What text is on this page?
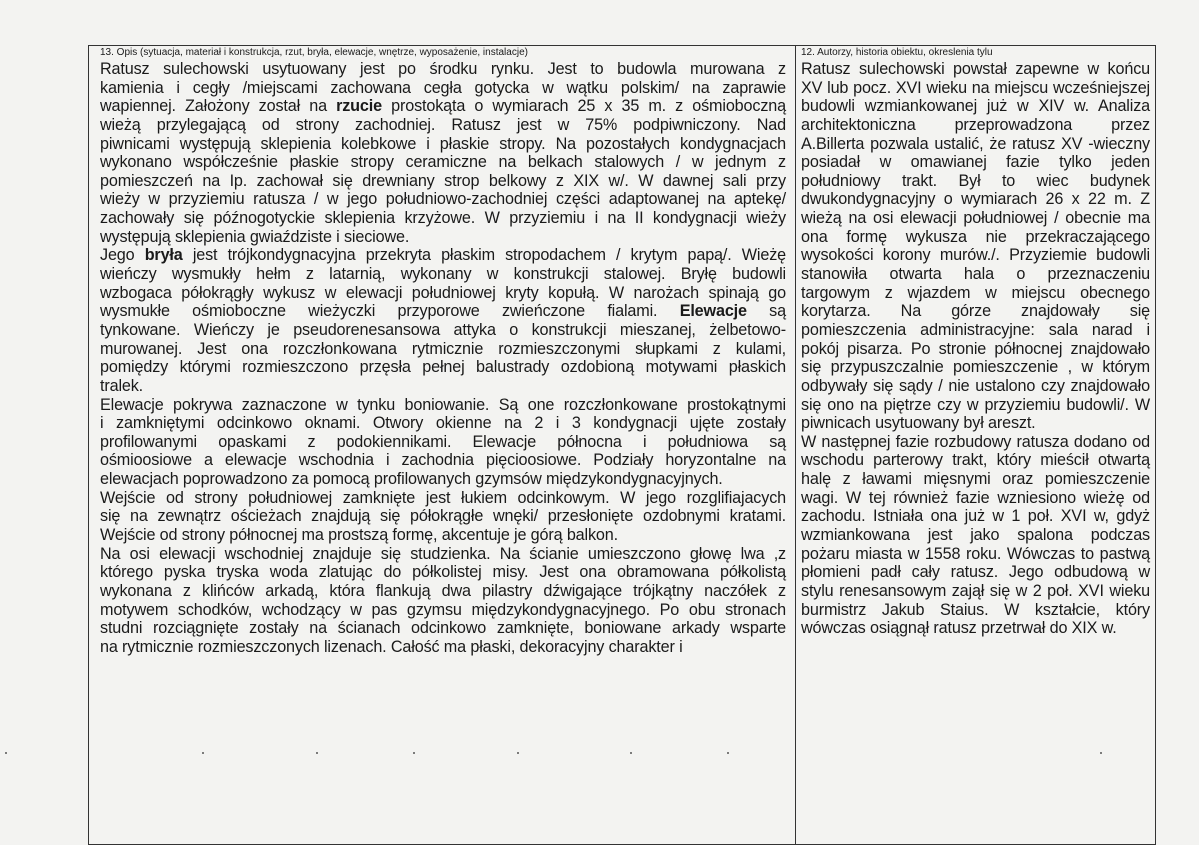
13. Opis (sytuacja, materiał i konstrukcja, rzut, bryła, elewacje, wnętrze, wyposażenie, instalacje)
Ratusz sulechowski usytuowany jest po środku rynku. Jest to budowla murowana z
kamienia i cegły /miejscami zachowana cegła gotycka w wątku polskim/ na zaprawie
wapiennej. Założony został na rzucie prostokąta o wymiarach 25 x 35 m. z ośmioboczną
wieżą przylegającą od strony zachodniej. Ratusz jest w 75% podpiwniczony. Nad
piwnicami występują sklepienia kolebkowe i płaskie stropy. Na pozostałych kondygnacjach
wykonano współcześnie płaskie stropy ceramiczne na belkach stalowych / w jednym z
pomieszczeń na Ip. zachował się drewniany strop belkowy z XIX w/. W dawnej sali przy
wieży w przyziemiu ratusza / w jego południowo-zachodniej części adaptowanej na aptekę/
zachowały się późnogotyckie sklepienia krzyżowe. W przyziemiu i na II kondygnacji wieży
występują sklepienia gwiaździste i sieciowe.
Jego bryła jest trójkondygnacyjna przekryta płaskim stropodachem / krytym papą/. Wieżę
wieńczy wysmukły hełm z latarnią, wykonany w konstrukcji stalowej. Bryłę budowli
wzbogaca półokrągły wykusz w elewacji południowej kryty kopułą. W narożach spinają go
wysmukłe ośmioboczne wieżyczki przyporowe zwieńczone fialami. Elewacje są
tynkowane. Wieńczy je pseudorenesansowa attyka o konstrukcji mieszanej, żelbetowo-
murowanej. Jest ona rozczłonkowana rytmicznie rozmieszczonymi słupkami z kulami,
pomiędzy którymi rozmieszczono przęsła pełnej balustrady ozdobioną motywami płaskich
tralek.
Elewacje pokrywa zaznaczone w tynku boniowanie. Są one rozczłonkowane prostokątnymi
i zamkniętymi odcinkowo oknami. Otwory okienne na 2 i 3 kondygnacji ujęte zostały
profilowanymi opaskami z podokiennikami. Elewacje północna i południowa są
ośmioosiowe a elewacje wschodnia i zachodnia pięcioosiowe. Podziały horyzontalne na
elewacjach poprowadzono za pomocą profilowanych gzymsów międzykondygnacyjnych.
Wejście od strony południowej zamknięte jest łukiem odcinkowym. W jego rozglifiajacych
się na zewnątrz ościeżach znajdują się półokrągłe wnęki/ przesłonięte ozdobnymi kratami.
Wejście od strony północnej ma prostszą formę, akcentuje je górą balkon.
Na osi elewacji wschodniej znajduje się studzienka. Na ścianie umieszczono głowę lwa ,z
którego pyska tryska woda zlatując do półkolistej misy. Jest ona obramowana półkolistą
wykonana z klińców arkadą, która flankują dwa pilastry dźwigające trójkątny naczółek z
motywem schodków, wchodzący w pas gzymsu międzykondygnacyjnego. Po obu stronach
studni rozciągnięte zostały na ścianach odcinkowo zamknięte, boniowane arkady wsparte
na rytmicznie rozmieszczonych lizenach. Całość ma płaski, dekoracyjny charakter i
12. Autorzy, historia obiektu, okreslenia tylu
Ratusz sulechowski powstał zapewne w końcu
XV lub pocz. XVI wieku na miejscu wcześniejszej
budowli wzmiankowanej już w XIV w. Analiza
architektoniczna przeprowadzona przez
A.Billerta pozwala ustalić, że ratusz XV -wieczny
posiadał w omawianej fazie tylko jeden
południowy trakt. Był to wiec budynek
dwukondygnacyjny o wymiarach 26 x 22 m. Z
wieżą na osi elewacji południowej / obecnie ma
ona formę wykusza nie przekraczającego
wysokości korony murów./. Przyziemie budowli
stanowiła otwarta hala o przeznaczeniu
targowym z wjazdem w miejscu obecnego
korytarza. Na górze znajdowały się
pomieszczenia administracyjne: sala narad i
pokój pisarza. Po stronie północnej znajdowało
się przypuszczalnie pomieszczenie , w którym
odbywały się sądy / nie ustalono czy znajdowało
się ono na piętrze czy w przyziemiu budowli/. W
piwnicach usytuowany był areszt.
W następnej fazie rozbudowy ratusza dodano od
wschodu parterowy trakt, który mieścił otwartą
halę z ławami mięsnymi oraz pomieszczenie
wagi. W tej również fazie wzniesiono wieżę od
zachodu. Istniała ona już w 1 poł. XVI w, gdyż
wzmiankowana jest jako spalona podczas
pożaru miasta w 1558 roku. Wówczas to pastwą
płomieni padł cały ratusz. Jego odbudową w
stylu renesansowym zajął się w 2 poł. XVI wieku
burmistrz Jakub Staius. W kształcie, który
wówczas osiągnął ratusz przetrwał do XIX w.
